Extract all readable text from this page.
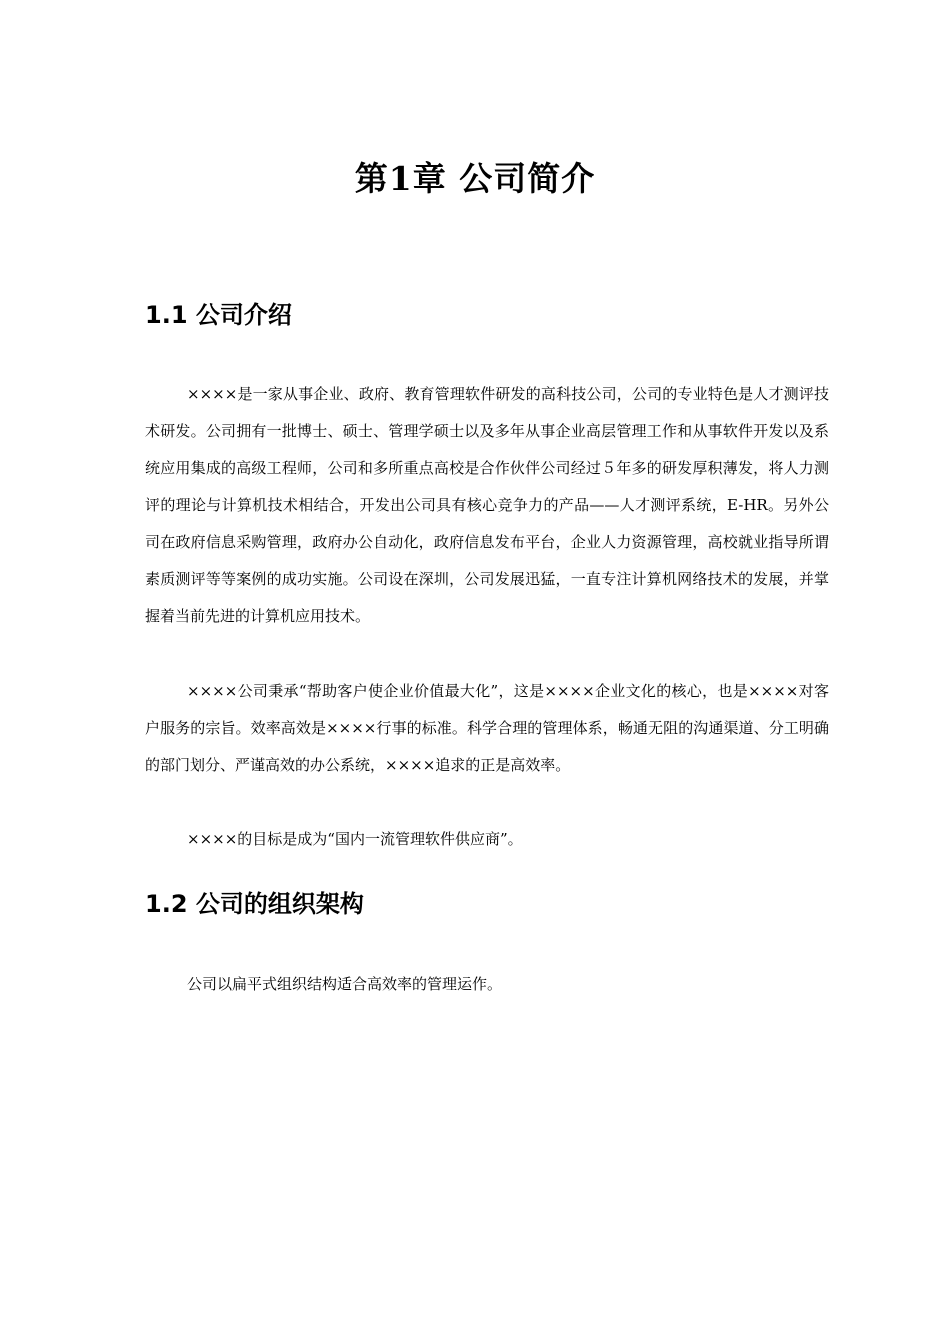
第1章 公司简介
1.1 公司介绍

××××是一家从事企业、政府、教育管理软件研发的高科技公司，公司的专业特色是人才测评技术研发。公司拥有一批博士、硕士、管理学硕士以及多年从事企业高层管理工作和从事软件开发以及系统应用集成的高级工程师，公司和多所重点高校是合作伙伴公司经过５年多的研发厚积薄发，将人力测评的理论与计算机技术相结合，开发出公司具有核心竞争力的产品——人才测评系统，E-HR。另外公司在政府信息采购管理，政府办公自动化，政府信息发布平台，企业人力资源管理，高校就业指导所谓素质测评等等案例的成功实施。公司设在深圳，公司发展迅猛，一直专注计算机网络技术的发展，并掌握着当前先进的计算机应用技术。

××××公司秉承“帮助客户使企业价值最大化”，这是××××企业文化的核心，也是××××对客户服务的宗旨。效率高效是××××行事的标准。科学合理的管理体系，畅通无阻的沟通渠道、分工明确的部门划分、严谨高效的办公系统，××××追求的正是高效率。

××××的目标是成为“国内一流管理软件供应商”。

1.2 公司的组织架构

公司以扁平式组织结构适合高效率的管理运作。
